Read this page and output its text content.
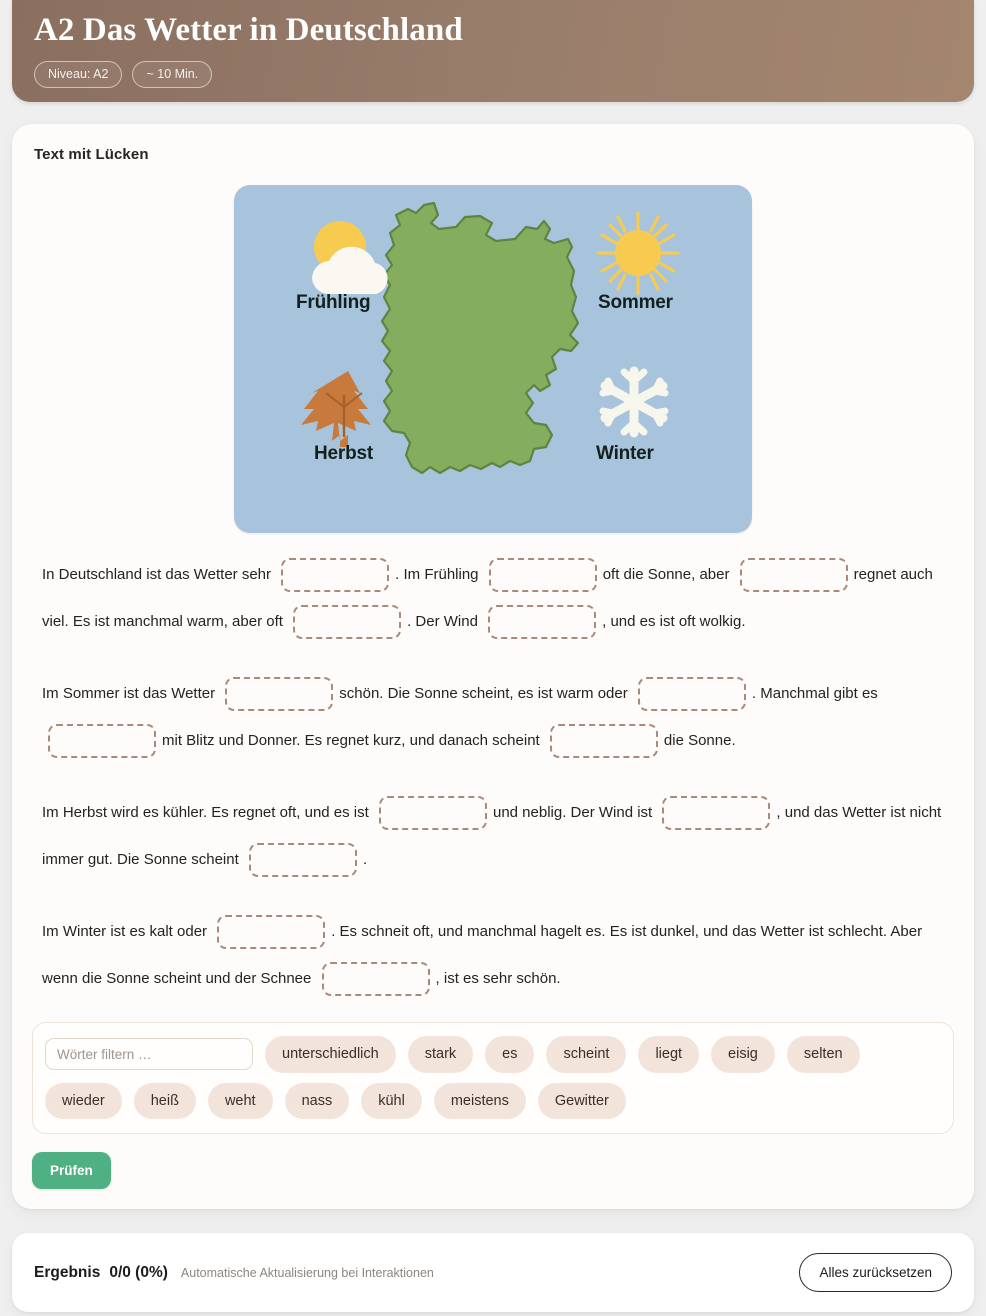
A2 Das Wetter in Deutschland
Niveau: A2	~ 10 Min.
Text mit Lücken
Frühling	Sommer
Herbst	Winter

In Deutschland ist das Wetter sehr	. Im Frühling	oft die Sonne, aber	regnet auch viel. Es ist manchmal warm, aber oft	. Der Wind	, und es ist oft wolkig.

Im Sommer ist das Wetter	schön. Die Sonne scheint, es ist warm oder	. Manchmal gibt es mit Blitz und Donner. Es regnet kurz, und danach scheint	die Sonne.

Im Herbst wird es kühler. Es regnet oft, und es ist	und neblig. Der Wind ist	, und das Wetter ist nicht immer gut. Die Sonne scheint	.

Im Winter ist es kalt oder	. Es schneit oft, und manchmal hagelt es. Es ist dunkel, und das Wetter ist schlecht. Aber wenn die Sonne scheint und der Schnee	, ist es sehr schön.

Wörter filtern …
unterschiedlich	stark	es	scheint	liegt	eisig	selten
wieder	heiß	weht	nass	kühl	meistens	Gewitter
Prüfen
Ergebnis 0/0 (0%) Automatische Aktualisierung bei Interaktionen	Alles zurücksetzen
